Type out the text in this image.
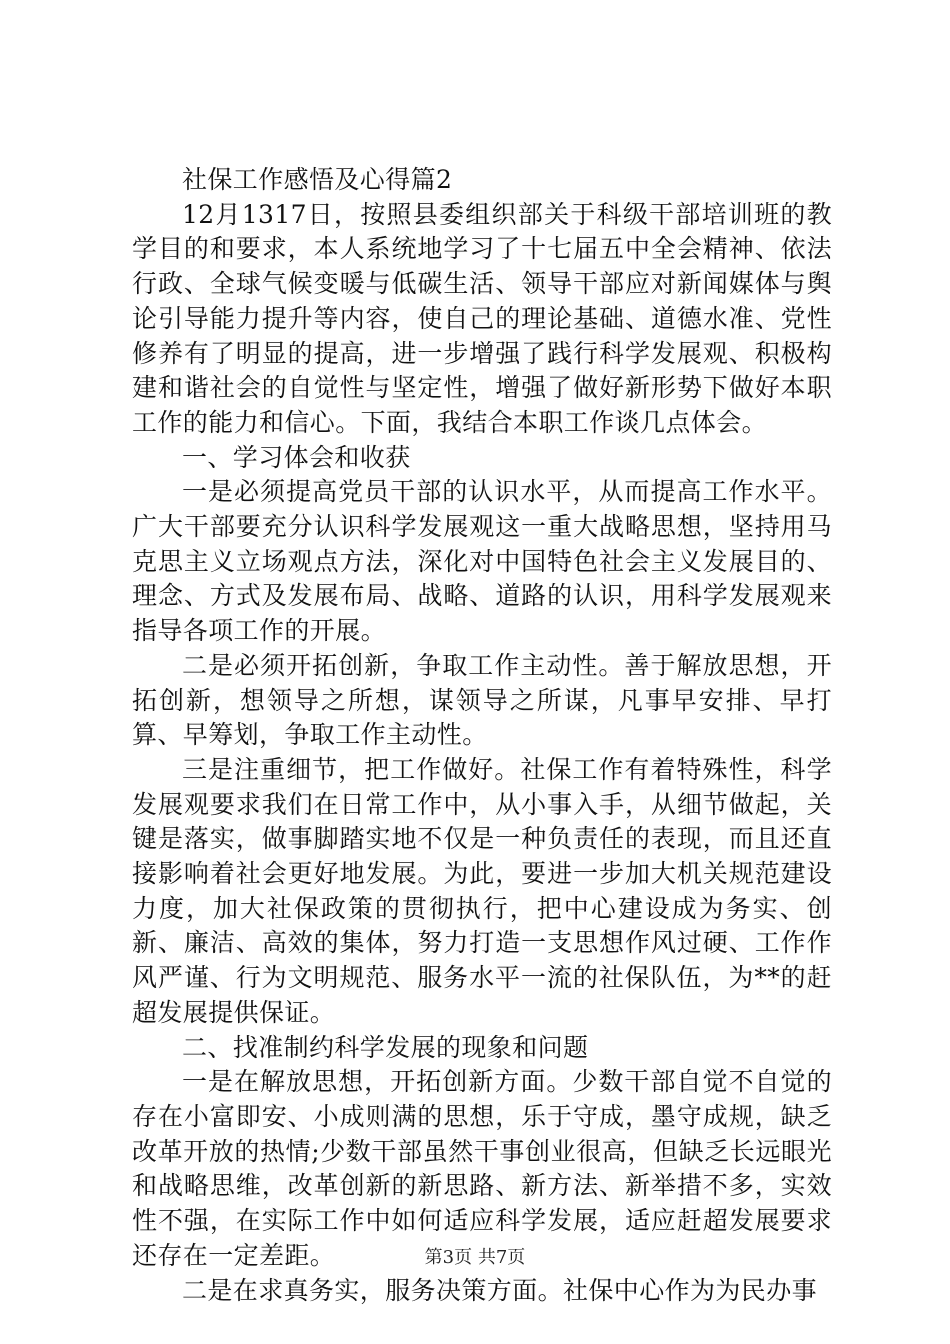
社保工作感悟及心得篇2

12月1317日，按照县委组织部关于科级干部培训班的教学目的和要求，本人系统地学习了十七届五中全会精神、依法行政、全球气候变暖与低碳生活、领导干部应对新闻媒体与舆论引导能力提升等内容，使自己的理论基础、道德水准、党性修养有了明显的提高，进一步增强了践行科学发展观、积极构建和谐社会的自觉性与坚定性，增强了做好新形势下做好本职工作的能力和信心。下面，我结合本职工作谈几点体会。

一、学习体会和收获

一是必须提高党员干部的认识水平，从而提高工作水平。广大干部要充分认识科学发展观这一重大战略思想，坚持用马克思主义立场观点方法，深化对中国特色社会主义发展目的、理念、方式及发展布局、战略、道路的认识，用科学发展观来指导各项工作的开展。

二是必须开拓创新，争取工作主动性。善于解放思想，开拓创新，想领导之所想，谋领导之所谋，凡事早安排、早打算、早筹划，争取工作主动性。

三是注重细节，把工作做好。社保工作有着特殊性，科学发展观要求我们在日常工作中，从小事入手，从细节做起，关键是落实，做事脚踏实地不仅是一种负责任的表现，而且还直接影响着社会更好地发展。为此，要进一步加大机关规范建设力度，加大社保政策的贯彻执行，把中心建设成为务实、创新、廉洁、高效的集体，努力打造一支思想作风过硬、工作作风严谨、行为文明规范、服务水平一流的社保队伍，为**的赶超发展提供保证。

二、找准制约科学发展的现象和问题

一是在解放思想，开拓创新方面。少数干部自觉不自觉的存在小富即安、小成则满的思想，乐于守成，墨守成规，缺乏改革开放的热情;少数干部虽然干事创业很高，但缺乏长远眼光和战略思维，改革创新的新思路、新方法、新举措不多，实效性不强，在实际工作中如何适应科学发展，适应赶超发展要求还存在一定差距。

二是在求真务实，服务决策方面。社保中心作为为民办事

第3页 共7页
